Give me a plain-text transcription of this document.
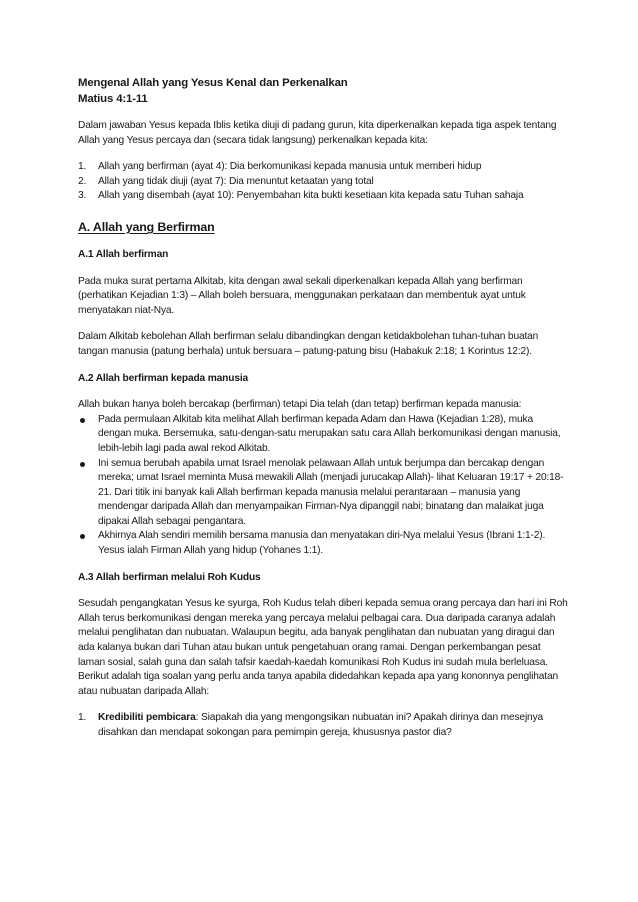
Mengenal Allah yang Yesus Kenal dan Perkenalkan

Matius 4:1-11

Dalam jawaban Yesus kepada Iblis ketika diuji di padang gurun, kita diperkenalkan kepada tiga aspek tentang Allah yang Yesus percaya dan (secara tidak langsung) perkenalkan kepada kita:

1. Allah yang berfirman (ayat 4): Dia berkomunikasi kepada manusia untuk memberi hidup
2. Allah yang tidak diuji (ayat 7): Dia menuntut ketaatan yang total
3. Allah yang disembah (ayat 10): Penyembahan kita bukti kesetiaan kita kepada satu Tuhan sahaja

A. Allah yang Berfirman

A.1 Allah berfirman

Pada muka surat pertama Alkitab, kita dengan awal sekali diperkenalkan kepada Allah yang berfirman (perhatikan Kejadian 1:3) – Allah boleh bersuara, menggunakan perkataan dan membentuk ayat untuk menyatakan niat-Nya.

Dalam Alkitab kebolehan Allah berfirman selalu dibandingkan dengan ketidakbolehan tuhan-tuhan buatan tangan manusia (patung berhala) untuk bersuara – patung-patung bisu (Habakuk 2:18; 1 Korintus 12:2).

A.2 Allah berfirman kepada manusia

Allah bukan hanya boleh bercakap (berfirman) tetapi Dia telah (dan tetap) berfirman kepada manusia:

Pada permulaan Alkitab kita melihat Allah berfirman kepada Adam dan Hawa (Kejadian 1:28), muka dengan muka. Bersemuka, satu-dengan-satu merupakan satu cara Allah berkomunikasi dengan manusia, lebih-lebih lagi pada awal rekod Alkitab.
Ini semua berubah apabila umat Israel menolak pelawaan Allah untuk berjumpa dan bercakap dengan mereka; umat Israel meminta Musa mewakili Allah (menjadi jurucakap Allah)- lihat Keluaran 19:17 + 20:18-21. Dari titik ini banyak kali Allah berfirman kepada manusia melalui perantaraan – manusia yang mendengar daripada Allah dan menyampaikan Firman-Nya dipanggil nabi; binatang dan malaikat juga dipakai Allah sebagai pengantara.
Akhirnya Alah sendiri memilih bersama manusia dan menyatakan diri-Nya melalui Yesus (Ibrani 1:1-2). Yesus ialah Firman Allah yang hidup (Yohanes 1:1).

A.3 Allah berfirman melalui Roh Kudus

Sesudah pengangkatan Yesus ke syurga, Roh Kudus telah diberi kepada semua orang percaya dan hari ini Roh Allah terus berkomunikasi dengan mereka yang percaya melalui pelbagai cara. Dua daripada caranya adalah melalui penglihatan dan nubuatan. Walaupun begitu, ada banyak penglihatan dan nubuatan yang diragui dan ada kalanya bukan dari Tuhan atau bukan untuk pengetahuan orang ramai. Dengan perkembangan pesat laman sosial, salah guna dan salah tafsir kaedah-kaedah komunikasi Roh Kudus ini sudah mula berleluasa. Berikut adalah tiga soalan yang perlu anda tanya apabila didedahkan kepada apa yang kononnya penglihatan atau nubuatan daripada Allah:

1. Kredibiliti pembicara: Siapakah dia yang mengongsikan nubuatan ini? Apakah dirinya dan mesejnya disahkan dan mendapat sokongan para pemimpin gereja, khususnya pastor dia?
